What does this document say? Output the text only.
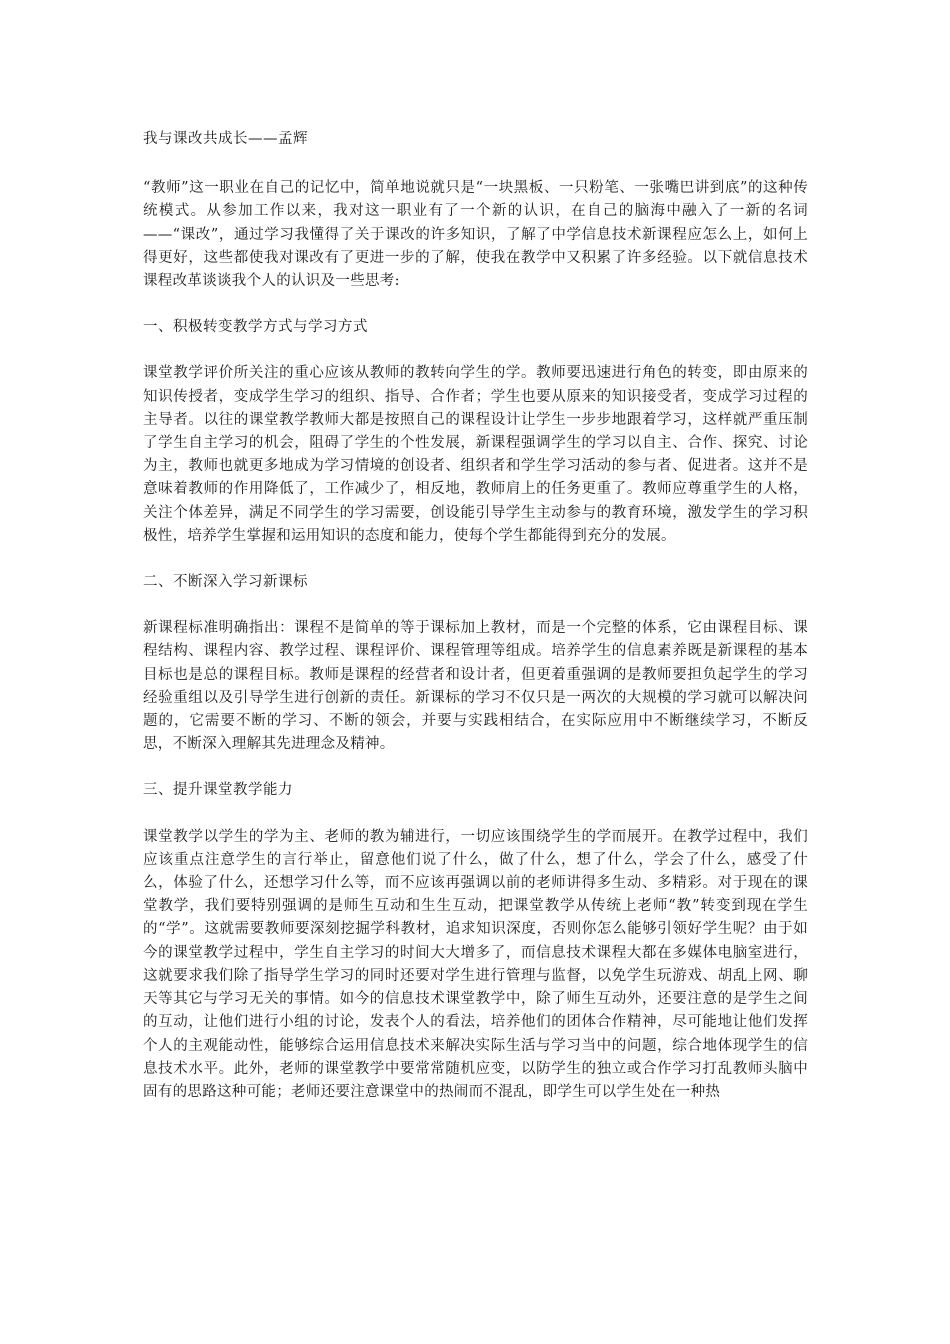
我与课改共成长——孟辉

“教师”这一职业在自己的记忆中，简单地说就只是“一块黑板、一只粉笔、一张嘴巴讲到底”的这种传统模式。从参加工作以来，我对这一职业有了一个新的认识，在自己的脑海中融入了一新的名词——“课改”，通过学习我懂得了关于课改的许多知识，了解了中学信息技术新课程应怎么上，如何上得更好，这些都使我对课改有了更进一步的了解，使我在教学中又积累了许多经验。以下就信息技术课程改革谈谈我个人的认识及一些思考:

一、积极转变教学方式与学习方式

课堂教学评价所关注的重心应该从教师的教转向学生的学。教师要迅速进行角色的转变，即由原来的知识传授者，变成学生学习的组织、指导、合作者；学生也要从原来的知识接受者，变成学习过程的主导者。以往的课堂教学教师大都是按照自己的课程设计让学生一步步地跟着学习，这样就严重压制了学生自主学习的机会，阻碍了学生的个性发展，新课程强调学生的学习以自主、合作、探究、讨论为主，教师也就更多地成为学习情境的创设者、组织者和学生学习活动的参与者、促进者。这并不是意味着教师的作用降低了，工作减少了，相反地，教师肩上的任务更重了。教师应尊重学生的人格，关注个体差异，满足不同学生的学习需要，创设能引导学生主动参与的教育环境，激发学生的学习积极性，培养学生掌握和运用知识的态度和能力，使每个学生都能得到充分的发展。

二、不断深入学习新课标

新课程标准明确指出：课程不是简单的等于课标加上教材，而是一个完整的体系，它由课程目标、课程结构、课程内容、教学过程、课程评价、课程管理等组成。培养学生的信息素养既是新课程的基本目标也是总的课程目标。教师是课程的经营者和设计者，但更着重强调的是教师要担负起学生的学习经验重组以及引导学生进行创新的责任。新课标的学习不仅只是一两次的大规模的学习就可以解决问题的，它需要不断的学习、不断的领会，并要与实践相结合，在实际应用中不断继续学习，不断反思，不断深入理解其先进理念及精神。

三、提升课堂教学能力

课堂教学以学生的学为主、老师的教为辅进行，一切应该围绕学生的学而展开。在教学过程中，我们应该重点注意学生的言行举止，留意他们说了什么，做了什么，想了什么，学会了什么，感受了什么，体验了什么，还想学习什么等，而不应该再强调以前的老师讲得多生动、多精彩。对于现在的课堂教学，我们要特别强调的是师生互动和生生互动，把课堂教学从传统上老师“教”转变到现在学生的“学”。这就需要教师要深刻挖掘学科教材，追求知识深度，否则你怎么能够引领好学生呢？由于如今的课堂教学过程中，学生自主学习的时间大大增多了，而信息技术课程大都在多媒体电脑室进行，这就要求我们除了指导学生学习的同时还要对学生进行管理与监督，以免学生玩游戏、胡乱上网、聊天等其它与学习无关的事情。如今的信息技术课堂教学中，除了师生互动外，还要注意的是学生之间的互动，让他们进行小组的讨论，发表个人的看法，培养他们的团体合作精神，尽可能地让他们发挥个人的主观能动性，能够综合运用信息技术来解决实际生活与学习当中的问题，综合地体现学生的信息技术水平。此外，老师的课堂教学中要常常随机应变，以防学生的独立或合作学习打乱教师头脑中固有的思路这种可能；老师还要注意课堂中的热闹而不混乱，即学生可以学生处在一种热
